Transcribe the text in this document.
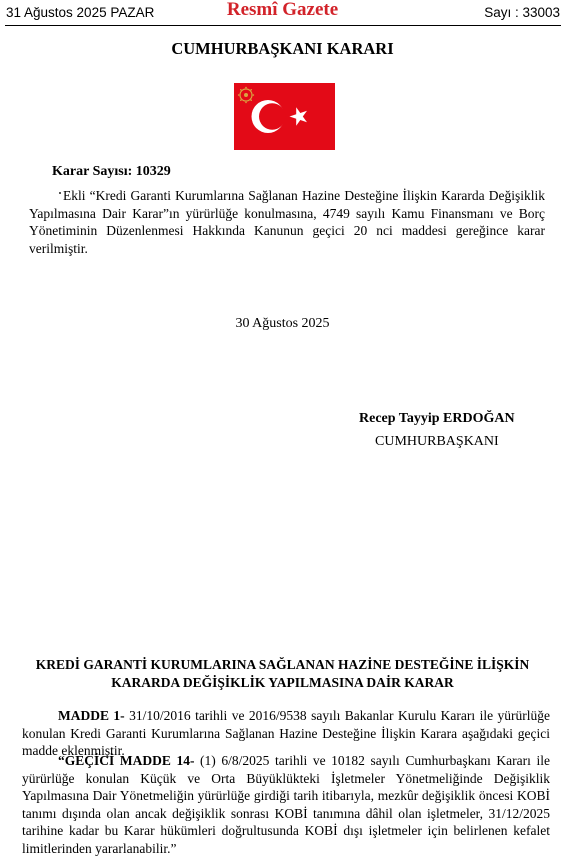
31 Ağustos 2025 PAZAR	Resmî Gazete	Sayı : 33003
CUMHURBAŞKANI KARARI
Karar Sayısı: 10329
Ekli “Kredi Garanti Kurumlarına Sağlanan Hazine Desteğine İlişkin Kararda Değişiklik Yapılmasına Dair Karar”ın yürürlüğe konulmasına, 4749 sayılı Kamu Finansmanı ve Borç Yönetiminin Düzenlenmesi Hakkında Kanunun geçici 20 nci maddesi gereğince karar verilmiştir.
30 Ağustos 2025
Recep Tayyip ERDOĞAN
CUMHURBAŞKANI
KREDİ GARANTİ KURUMLARINA SAĞLANAN HAZİNE DESTEĞİNE İLİŞKİN
KARARDA DEĞİŞİKLİK YAPILMASINA DAİR KARAR
MADDE 1- 31/10/2016 tarihli ve 2016/9538 sayılı Bakanlar Kurulu Kararı ile yürürlüğe konulan Kredi Garanti Kurumlarına Sağlanan Hazine Desteğine İlişkin Karara aşağıdaki geçici madde eklenmiştir.
“GEÇİCİ MADDE 14- (1) 6/8/2025 tarihli ve 10182 sayılı Cumhurbaşkanı Kararı ile yürürlüğe konulan Küçük ve Orta Büyüklükteki İşletmeler Yönetmeliğinde Değişiklik Yapılmasına Dair Yönetmeliğin yürürlüğe girdiği tarih itibarıyla, mezkûr değişiklik öncesi KOBİ tanımı dışında olan ancak değişiklik sonrası KOBİ tanımına dâhil olan işletmeler, 31/12/2025 tarihine kadar bu Karar hükümleri doğrultusunda KOBİ dışı işletmeler için belirlenen kefalet limitlerinden yararlanabilir.”
